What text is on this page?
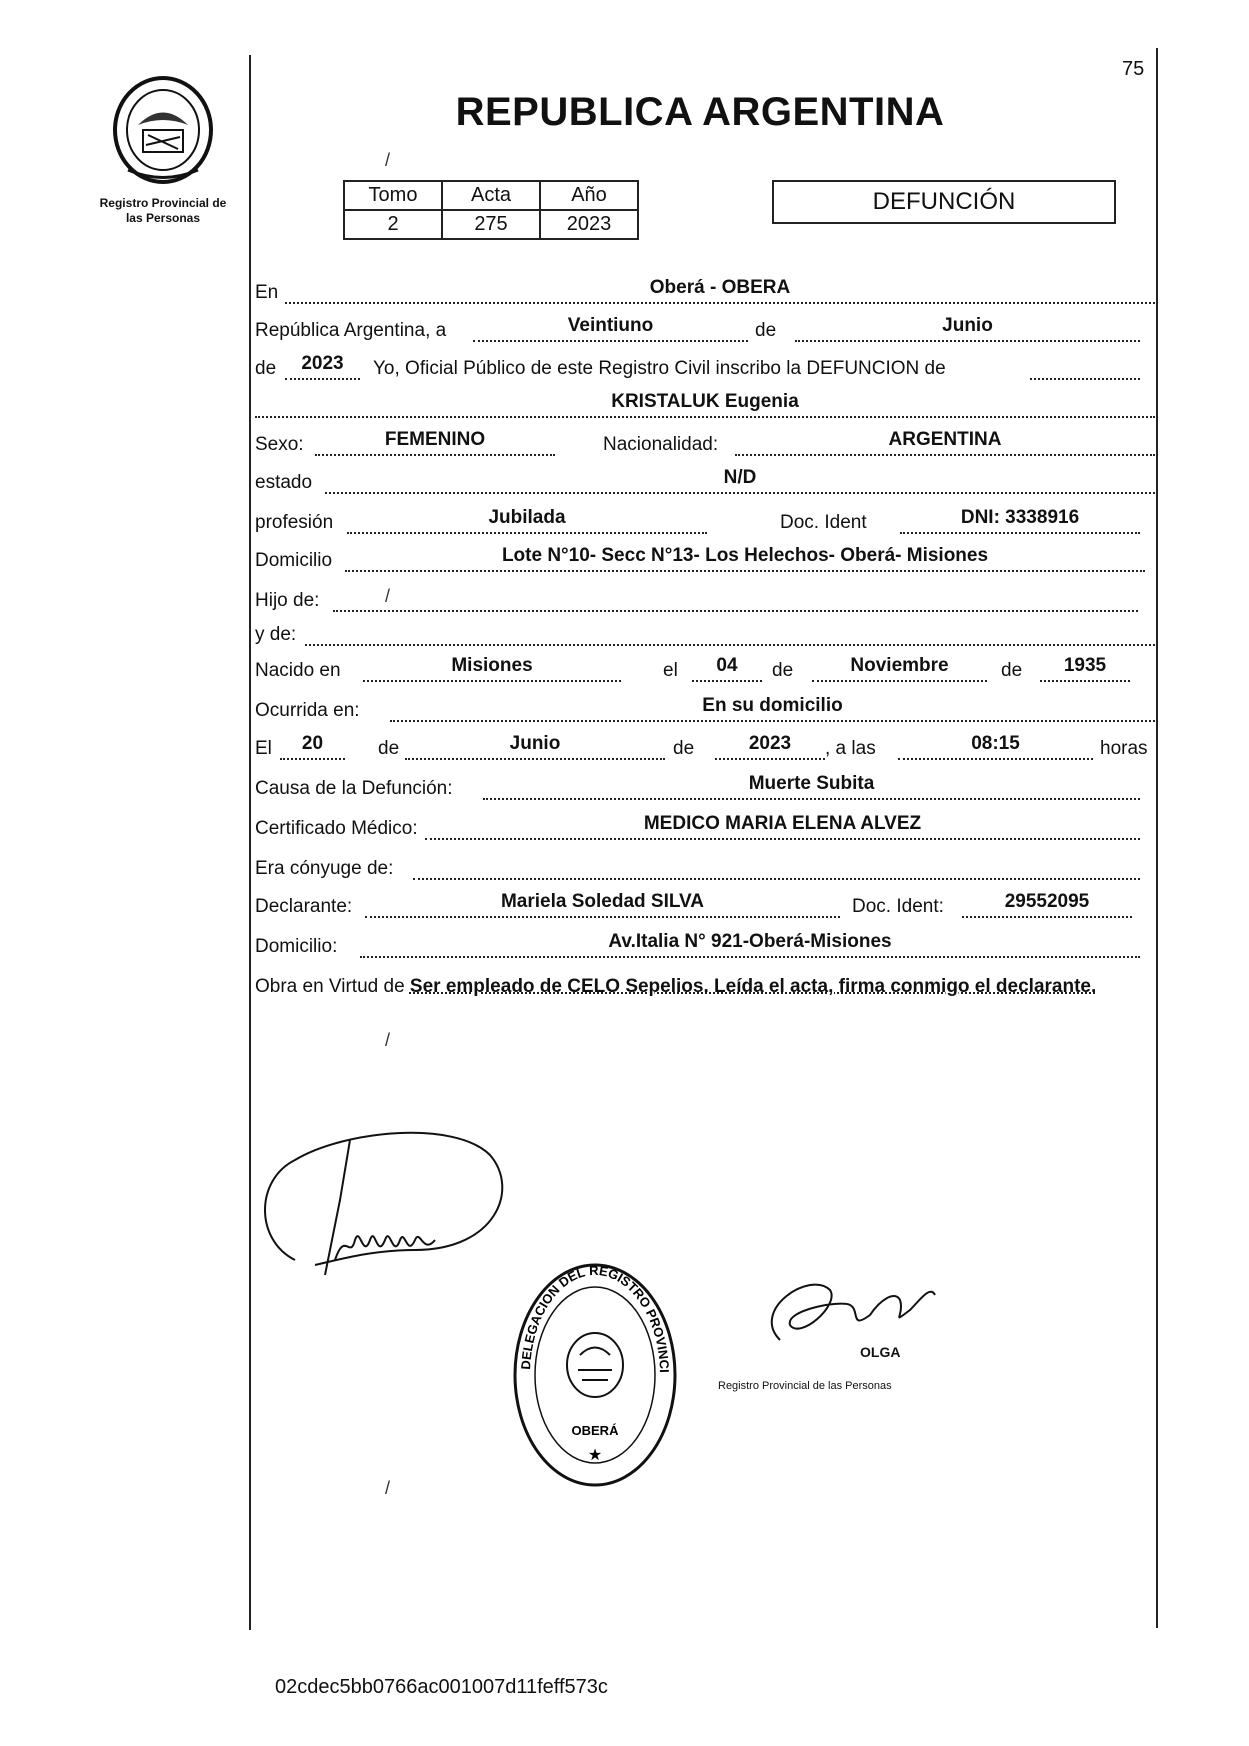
75
Registro Provincial de
las Personas
REPUBLICA ARGENTINA
/
Tomo	Acta	Año
2	275	2023
DEFUNCIÓN
En	Oberá - OBERA
República Argentina, a	Veintiuno	de	Junio
de	2023	Yo, Oficial Público de este Registro Civil inscribo la DEFUNCION de
KRISTALUK Eugenia
Sexo:	FEMENINO	Nacionalidad:	ARGENTINA
estado	N/D
profesión	Jubilada	Doc. Ident	DNI: 3338916
Domicilio	Lote N°10- Secc N°13- Los Helechos- Oberá- Misiones
Hijo de:	/
y de:
Nacido en	Misiones	el	04	de	Noviembre	de	1935
Ocurrida en:	En su domicilio
El	20	de	Junio	de	2023	, a las	08:15	horas
Causa de la Defunción:	Muerte Subita
Certificado Médico:	MEDICO MARIA ELENA ALVEZ
Era cónyuge de:
Declarante:	Mariela Soledad SILVA	Doc. Ident:	29552095
Domicilio:	Av.Italia N° 921-Oberá-Misiones
Obra en Virtud de Ser empleado de CELO Sepelios. Leída el acta, firma conmigo el declarante.
/
/
DELEGACION DEL REGISTRO PROVINCI
OBERÁ
★
OLGA
Registro Provincial de las Personas
02cdec5bb0766ac001007d11feff573c
